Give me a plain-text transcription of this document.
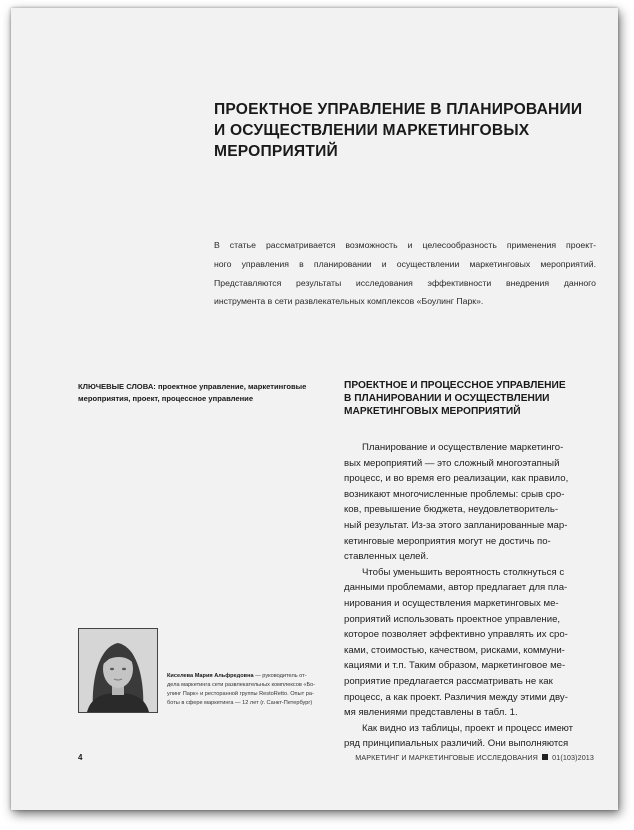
ПРОЕКТНОЕ УПРАВЛЕНИЕ В ПЛАНИРОВАНИИ
И ОСУЩЕСТВЛЕНИИ МАРКЕТИНГОВЫХ
МЕРОПРИЯТИЙ
В статье рассматривается возможность и целесообразность применения проект-
ного управления в планировании и осуществлении маркетинговых мероприятий.
Представляются результаты исследования эффективности внедрения данного
инструмента в сети развлекательных комплексов «Боулинг Парк».
КЛЮЧЕВЫЕ СЛОВА: проектное управление, маркетинговые
мероприятия, проект, процессное управление
ПРОЕКТНОЕ И ПРОЦЕССНОЕ УПРАВЛЕНИЕ
В ПЛАНИРОВАНИИ И ОСУЩЕСТВЛЕНИИ
МАРКЕТИНГОВЫХ МЕРОПРИЯТИЙ
Планирование и осуществление маркетинго-
вых мероприятий — это сложный многоэтапный
процесс, и во время его реализации, как правило,
возникают многочисленные проблемы: срыв сро-
ков, превышение бюджета, неудовлетворитель-
ный результат. Из-за этого запланированные мар-
кетинговые мероприятия могут не достичь по-
ставленных целей.
Чтобы уменьшить вероятность столкнуться с
данными проблемами, автор предлагает для пла-
нирования и осуществления маркетинговых ме-
роприятий использовать проектное управление,
которое позволяет эффективно управлять их сро-
ками, стоимостью, качеством, рисками, коммуни-
кациями и т.п. Таким образом, маркетинговое ме-
роприятие предлагается рассматривать не как
процесс, а как проект. Различия между этими дву-
мя явлениями представлены в табл. 1.
Как видно из таблицы, проект и процесс имеют
ряд принципиальных различий. Они выполняются
Киселева Мария Альфредовна — руководитель от-
дела маркетинга сети развлекательных комплексов «Бо-
улинг Парк» и ресторанной группы RestoRetto. Опыт ра-
боты в сфере маркетинга — 12 лет (г. Санкт-Петербург)
4	МАРКЕТИНГ И МАРКЕТИНГОВЫЕ ИССЛЕДОВАНИЯ 01(103)2013
